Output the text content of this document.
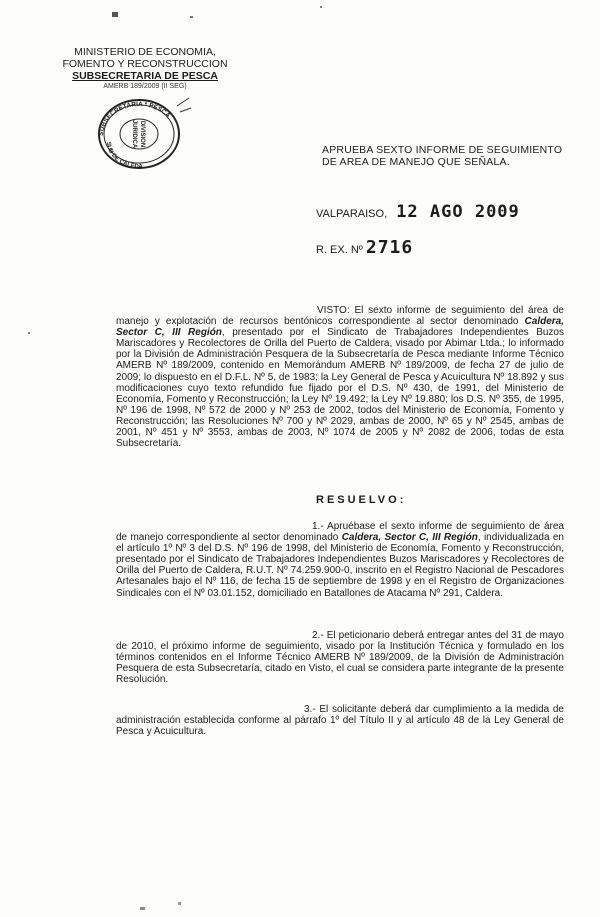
MINISTERIO DE ECONOMIA,
FOMENTO Y RECONSTRUCCION
SUBSECRETARIA DE PESCA
AMERB 189/2009 (II SEG)
SUBSECRETARIA * PESCA
SUB DE CALEDA
DIVISION
JURIDICA
APRUEBA SEXTO INFORME DE SEGUIMIENTO
DE AREA DE MANEJO QUE SEÑALA.
VALPARAISO, 12 AGO 2009
R. EX. Nº 2716
VISTO: El sexto informe de seguimiento del área de manejo y explotación de recursos bentónicos correspondiente al sector denominado Caldera, Sector C, III Región, presentado por el Sindicato de Trabajadores Independientes Buzos Mariscadores y Recolectores de Orilla del Puerto de Caldera, visado por Abimar Ltda.; lo informado por la División de Administración Pesquera de la Subsecretaría de Pesca mediante Informe Técnico AMERB Nº 189/2009, contenido en Memorándum AMERB Nº 189/2009, de fecha 27 de julio de 2009; lo dispuesto en el D.F.L. Nº 5, de 1983; la Ley General de Pesca y Acuicultura Nº 18.892 y sus modificaciones cuyo texto refundido fue fijado por el D.S. Nº 430, de 1991, del Ministerio de Economía, Fomento y Reconstrucción; la Ley Nº 19.492; la Ley Nº 19.880; los D.S. Nº 355, de 1995, Nº 196 de 1998, Nº 572 de 2000 y Nº 253 de 2002, todos del Ministerio de Economía, Fomento y Reconstrucción; las Resoluciones Nº 700 y Nº 2029, ambas de 2000, Nº 65 y Nº 2545, ambas de 2001, Nº 451 y Nº 3553, ambas de 2003, Nº 1074 de 2005 y Nº 2082 de 2006, todas de esta Subsecretaría.
RESUELVO:
1.- Apruébase el sexto informe de seguimiento de área de manejo correspondiente al sector denominado Caldera, Sector C, III Región, individualizada en el artículo 1º Nº 3 del D.S. Nº 196 de 1998, del Ministerio de Economía, Fomento y Reconstrucción, presentado por el Sindicato de Trabajadores Independientes Buzos Mariscadores y Recolectores de Orilla del Puerto de Caldera, R.U.T. Nº 74.259.900-0, inscrito en el Registro Nacional de Pescadores Artesanales bajo el Nº 116, de fecha 15 de septiembre de 1998 y en el Registro de Organizaciones Sindicales con el Nº 03.01.152, domiciliado en Batallones de Atacama Nº 291, Caldera.
2.- El peticionario deberá entregar antes del 31 de mayo de 2010, el próximo informe de seguimiento, visado por la Institución Técnica y formulado en los términos contenidos en el Informe Técnico AMERB Nº 189/2009, de la División de Administración Pesquera de esta Subsecretaría, citado en Visto, el cual se considera parte integrante de la presente Resolución.
3.- El solicitante deberá dar cumplimiento a la medida de administración establecida conforme al párrafo 1º del Título II y al artículo 48 de la Ley General de Pesca y Acuicultura.
